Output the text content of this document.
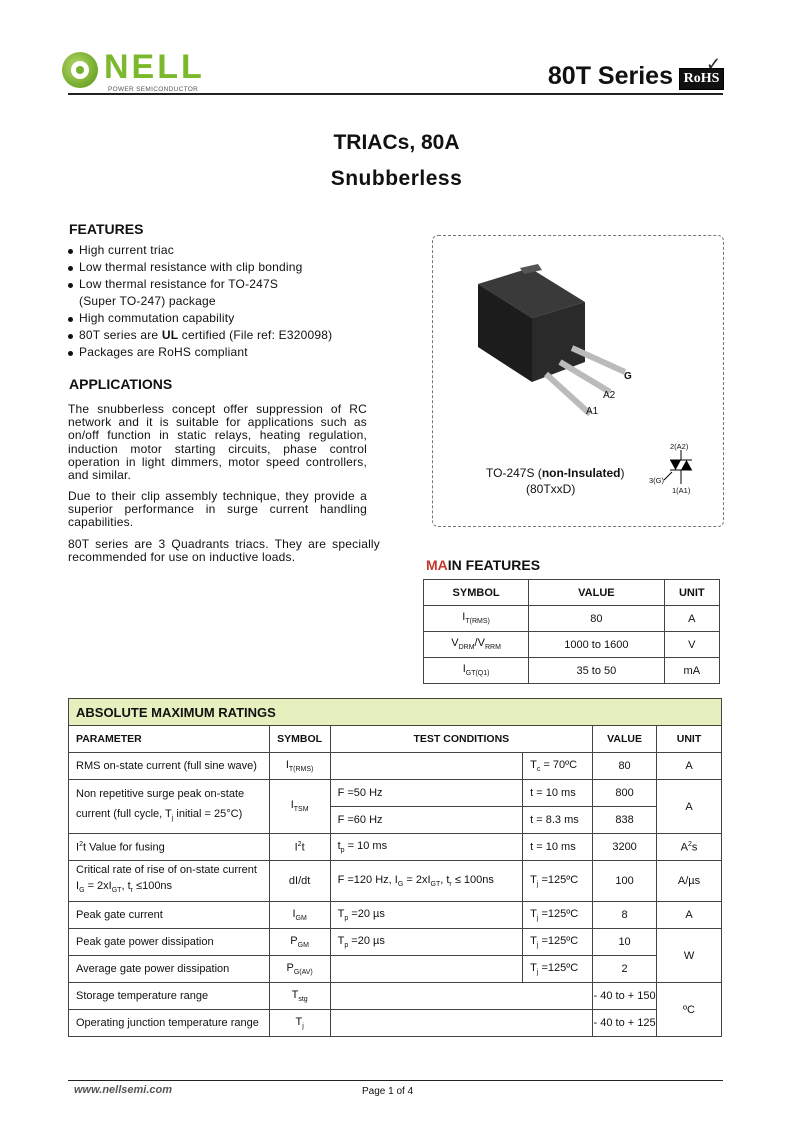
NELL
POWER SEMICONDUCTOR	80T Series RoHS
✓
TRIACs, 80A
Snubberless
FEATURES
High current triac
Low thermal resistance with clip bonding
Low thermal resistance for TO-247S
(Super TO-247) package
High commutation capability
80T series are UL certified (File ref: E320098)
Packages are RoHS compliant
APPLICATIONS
The snubberless concept offer suppression of RC network and it is suitable for applications such as on/off function in static relays, heating regulation, induction motor starting circuits, phase control operation in light dimmers, motor speed controllers, and similar.
Due to their clip assembly technique, they provide a superior performance in surge current handling capabilities.
80T series are 3 Quadrants triacs. They are specially recommended for use on inductive loads.
G
A2
A1
TO-247S (non-Insulated)
(80TxxD)
2(A2)
3(G)
1(A1)
MAIN FEATURES
SYMBOL	VALUE	UNIT
$I_{T(RMS)}$	80	A
$V_{DRM}/V_{RRM}$	1000 to 1600	V
$I_{GT(Q1)}$	35 to 50	mA
ABSOLUTE MAXIMUM RATINGS					
PARAMETER	SYMBOL	TEST CONDITIONS		VALUE	UNIT
RMS on-state current (full sine wave)	$I_{T(RMS)}$		$T_c$ = 70ºC	80	A
Non repetitive surge peak on-state
current (full cycle, $T_j$ initial = 25°C)	$I_{TSM}$	F =50 Hz	t = 10 ms	800	A
		F =60 Hz	t = 8.3 ms	838	
$I^2t$ Value for fusing	$I^2t$	$t_p = 10$ ms	t = 10 ms	3200	$A^2s$
Critical rate of rise of on-state current
$I_G = 2xI_{GT}$, $t_r \le 100ns$	dI/dt	F =120 Hz, $I_G = 2xI_{GT}$, $t_r \le 100ns$	$T_j$ =125ºC	100	A/µs
Peak gate current	$I_{GM}$	$T_p =20$ µs	$T_j$ =125ºC	8	A
Peak gate power dissipation	$P_{GM}$	$T_p =20$ µs	$T_j$ =125ºC	10	W
Average gate power dissipation	$P_{G(AV)}$		$T_j$ =125ºC	2	
Storage temperature range	$T_{stg}$			- 40 to + 150	ºC
Operating junction temperature range	$T_j$			- 40 to + 125	
www.nellsemi.com	Page 1 of 4
